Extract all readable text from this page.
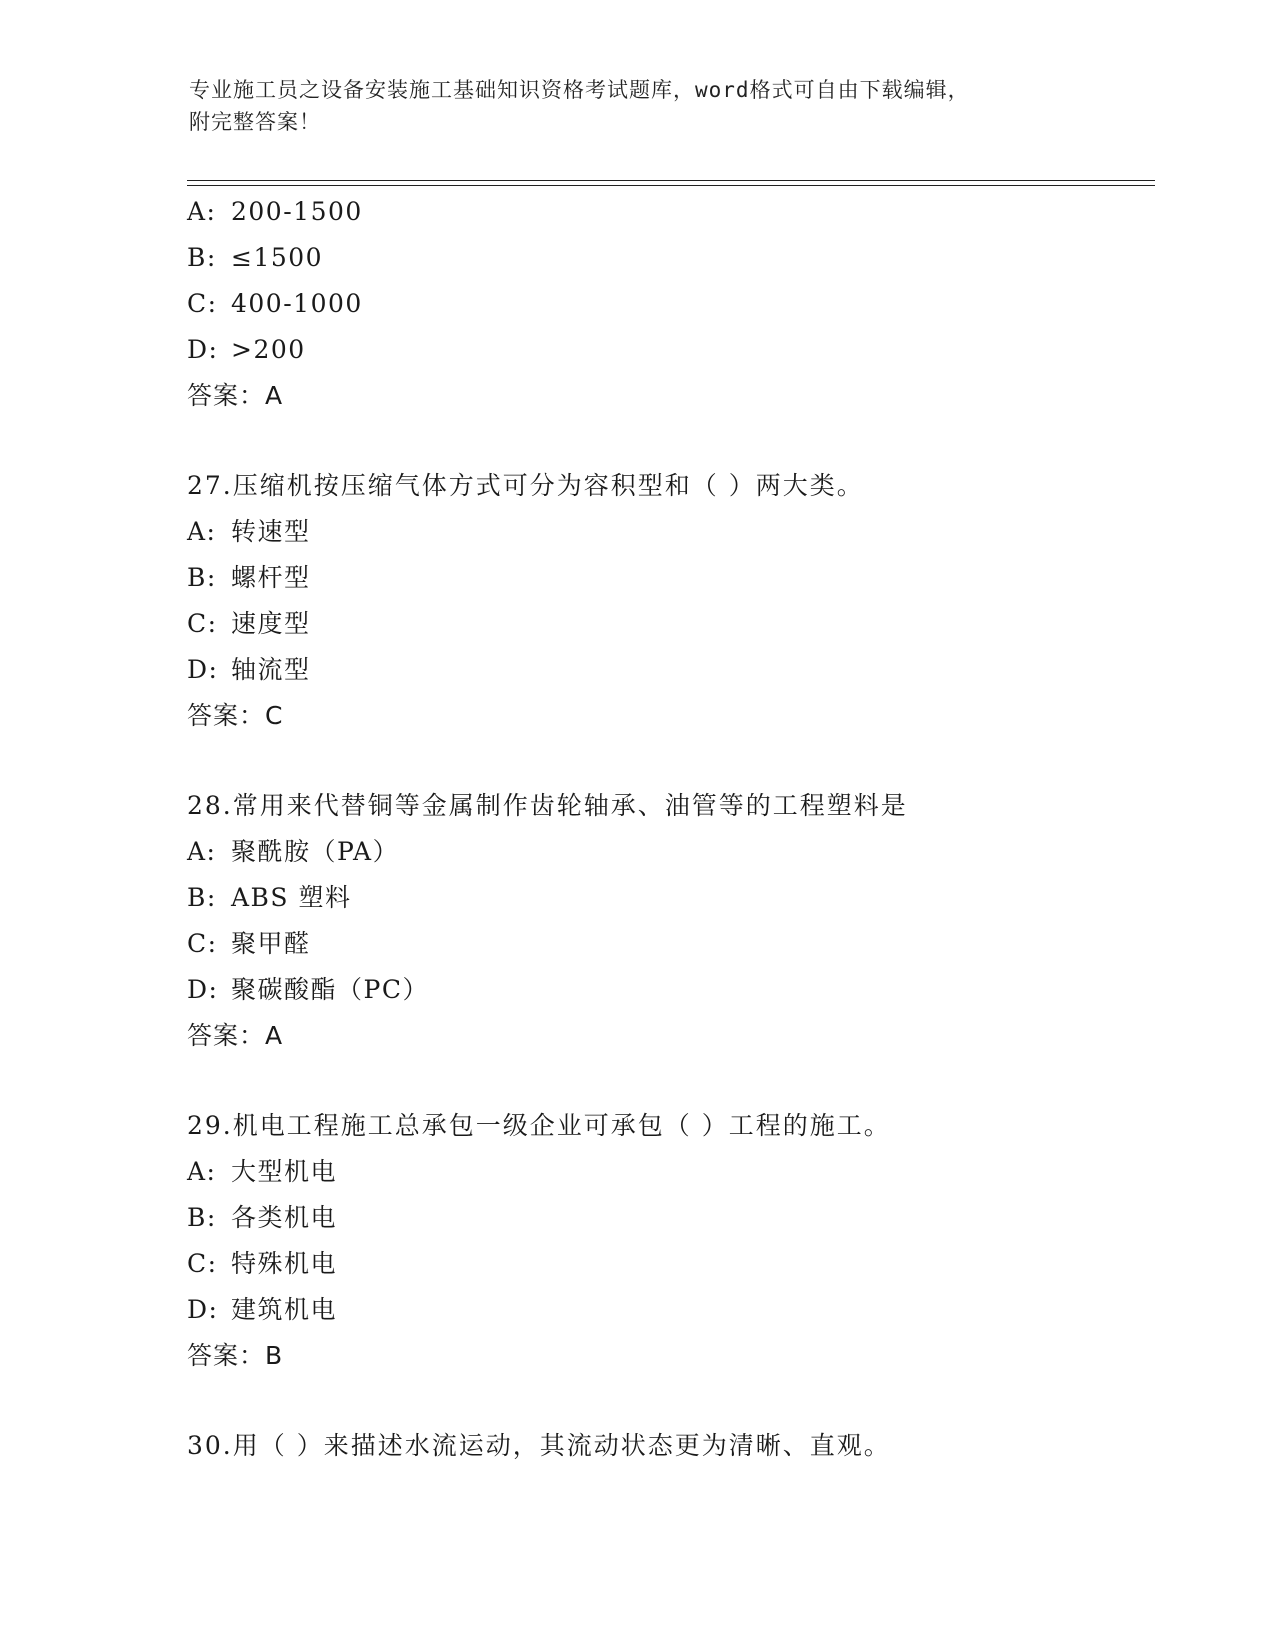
专业施工员之设备安装施工基础知识资格考试题库，word格式可自由下载编辑，
附完整答案！
A: 200-1500
B: ≤1500
C: 400-1000
D: >200
答案：A
27.压缩机按压缩气体方式可分为容积型和（ ）两大类。
A: 转速型
B: 螺杆型
C: 速度型
D: 轴流型
答案：C
28.常用来代替铜等金属制作齿轮轴承、油管等的工程塑料是
A: 聚酰胺（PA）
B: ABS 塑料
C: 聚甲醛
D: 聚碳酸酯（PC）
答案：A
29.机电工程施工总承包一级企业可承包（ ）工程的施工。
A: 大型机电
B: 各类机电
C: 特殊机电
D: 建筑机电
答案：B
30.用（ ）来描述水流运动，其流动状态更为清晰、直观。
